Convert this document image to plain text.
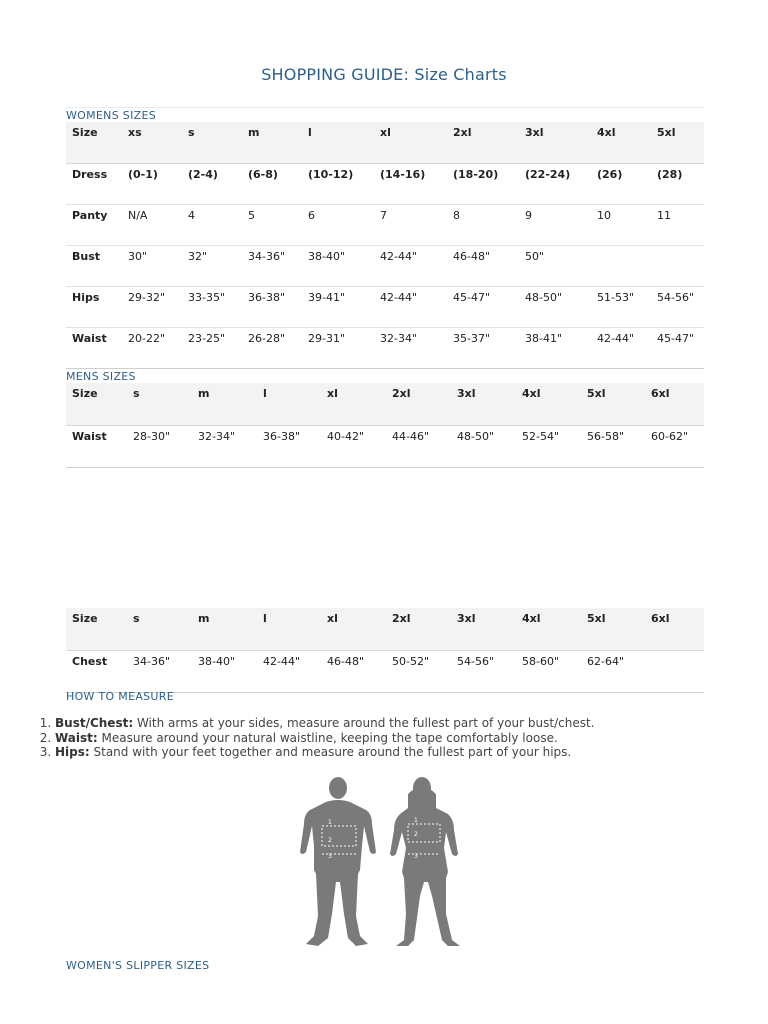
SHOPPING GUIDE: Size Charts
WOMENS SIZES
Size	xs	s	m	l	xl	2xl	3xl	4xl	5xl
Dress	(0-1)	(2-4)	(6-8)	(10-12)	(14-16)	(18-20)	(22-24)	(26)	(28)
Panty	N/A	4	5	6	7	8	9	10	11
Bust	30"	32"	34-36"	38-40"	42-44"	46-48"	50"		
Hips	29-32"	33-35"	36-38"	39-41"	42-44"	45-47"	48-50"	51-53"	54-56"
Waist	20-22"	23-25"	26-28"	29-31"	32-34"	35-37"	38-41"	42-44"	45-47"
MENS SIZES
Size	s	m	l	xl	2xl	3xl	4xl	5xl	6xl
Waist	28-30"	32-34"	36-38"	40-42"	44-46"	48-50"	52-54"	56-58"	60-62"
Size	s	m	l	xl	2xl	3xl	4xl	5xl	6xl
Chest	34-36"	38-40"	42-44"	46-48"	50-52"	54-56"	58-60"	62-64"	
HOW TO MEASURE
1. Bust/Chest: With arms at your sides, measure around the fullest part of your bust/chest.
2. Waist: Measure around your natural waistline, keeping the tape comfortably loose.
3. Hips: Stand with your feet together and measure around the fullest part of your hips.
1
2
3
1
2
3
WOMEN'S SLIPPER SIZES
